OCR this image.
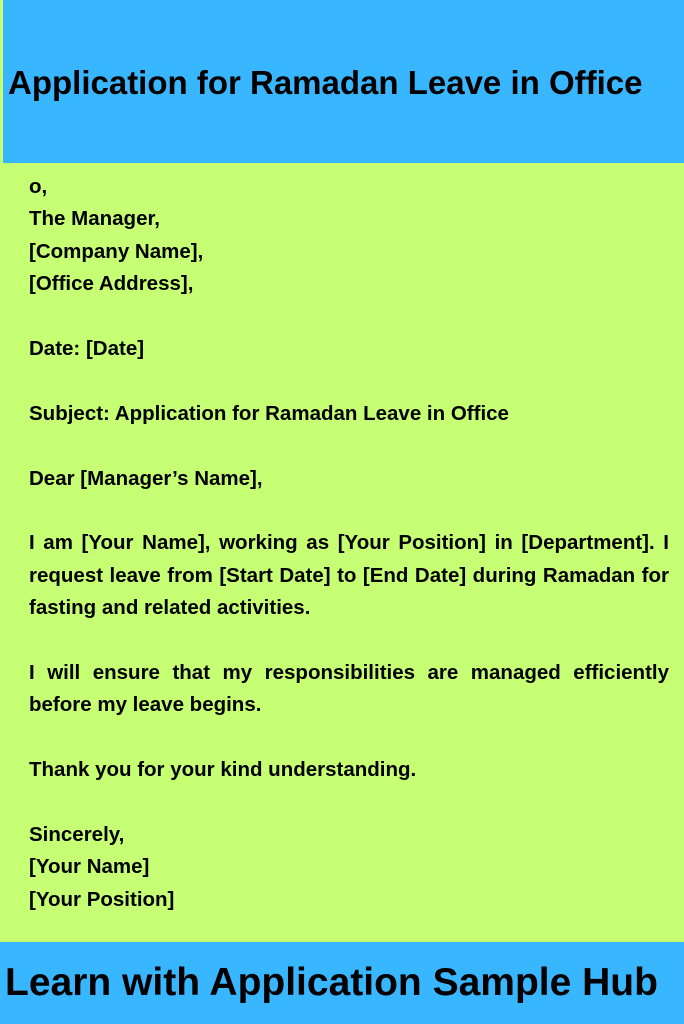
Application for Ramadan Leave in Office

o,
The Manager,
[Company Name],
[Office Address],

Date: [Date]

Subject: Application for Ramadan Leave in Office

Dear [Manager’s Name],

I am [Your Name], working as [Your Position] in [Department]. I request leave from [Start Date] to [End Date] during Ramadan for fasting and related activities.

I will ensure that my responsibilities are managed efficiently before my leave begins.

Thank you for your kind understanding.

Sincerely,
[Your Name]
[Your Position]

Learn with Application Sample Hub
